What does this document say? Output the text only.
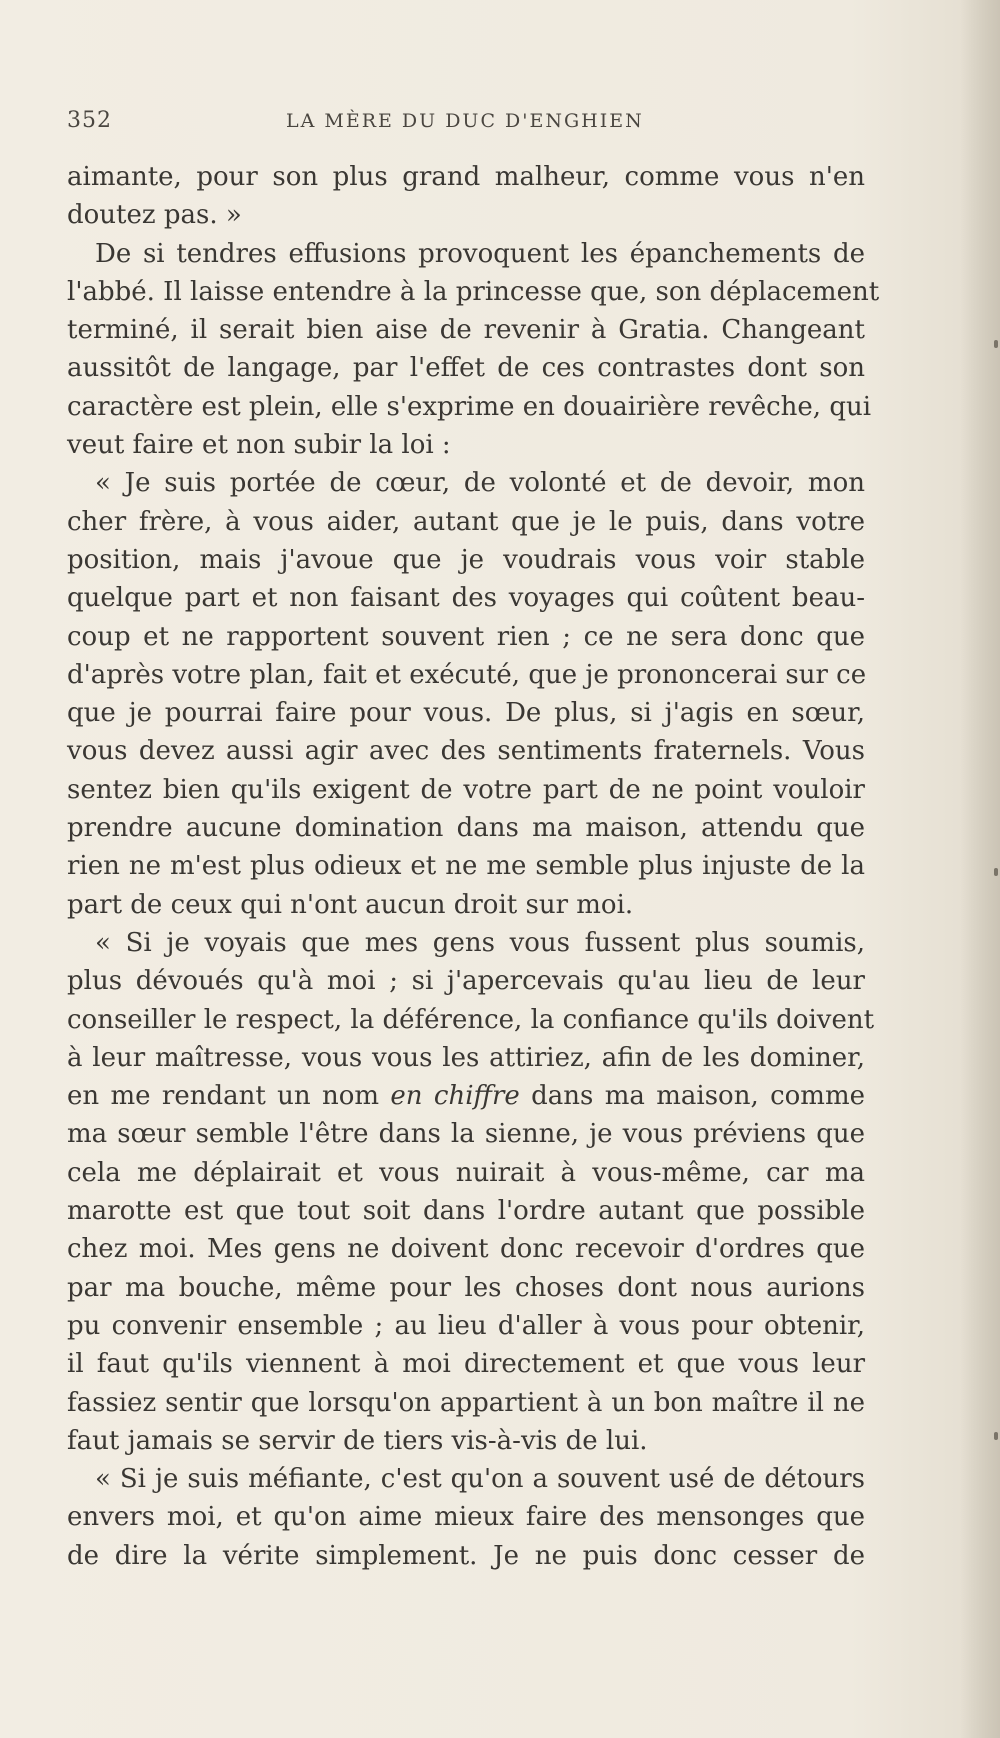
352	LA MÈRE DU DUC D'ENGHIEN
aimante, pour son plus grand malheur, comme vous n'en
doutez pas. »
De si tendres effusions provoquent les épanchements de
l'abbé. Il laisse entendre à la princesse que, son déplacement
terminé, il serait bien aise de revenir à Gratia. Changeant
aussitôt de langage, par l'effet de ces contrastes dont son
caractère est plein, elle s'exprime en douairière revêche, qui
veut faire et non subir la loi :
« Je suis portée de cœur, de volonté et de devoir, mon
cher frère, à vous aider, autant que je le puis, dans votre
position, mais j'avoue que je voudrais vous voir stable
quelque part et non faisant des voyages qui coûtent beau-
coup et ne rapportent souvent rien ; ce ne sera donc que
d'après votre plan, fait et exécuté, que je prononcerai sur ce
que je pourrai faire pour vous. De plus, si j'agis en sœur,
vous devez aussi agir avec des sentiments fraternels. Vous
sentez bien qu'ils exigent de votre part de ne point vouloir
prendre aucune domination dans ma maison, attendu que
rien ne m'est plus odieux et ne me semble plus injuste de la
part de ceux qui n'ont aucun droit sur moi.
« Si je voyais que mes gens vous fussent plus soumis,
plus dévoués qu'à moi ; si j'apercevais qu'au lieu de leur
conseiller le respect, la déférence, la confiance qu'ils doivent
à leur maîtresse, vous vous les attiriez, afin de les dominer,
en me rendant un nom en chiffre dans ma maison, comme
ma sœur semble l'être dans la sienne, je vous préviens que
cela me déplairait et vous nuirait à vous-même, car ma
marotte est que tout soit dans l'ordre autant que possible
chez moi. Mes gens ne doivent donc recevoir d'ordres que
par ma bouche, même pour les choses dont nous aurions
pu convenir ensemble ; au lieu d'aller à vous pour obtenir,
il faut qu'ils viennent à moi directement et que vous leur
fassiez sentir que lorsqu'on appartient à un bon maître il ne
faut jamais se servir de tiers vis-à-vis de lui.
« Si je suis méfiante, c'est qu'on a souvent usé de détours
envers moi, et qu'on aime mieux faire des mensonges que
de dire la vérite simplement. Je ne puis donc cesser de
